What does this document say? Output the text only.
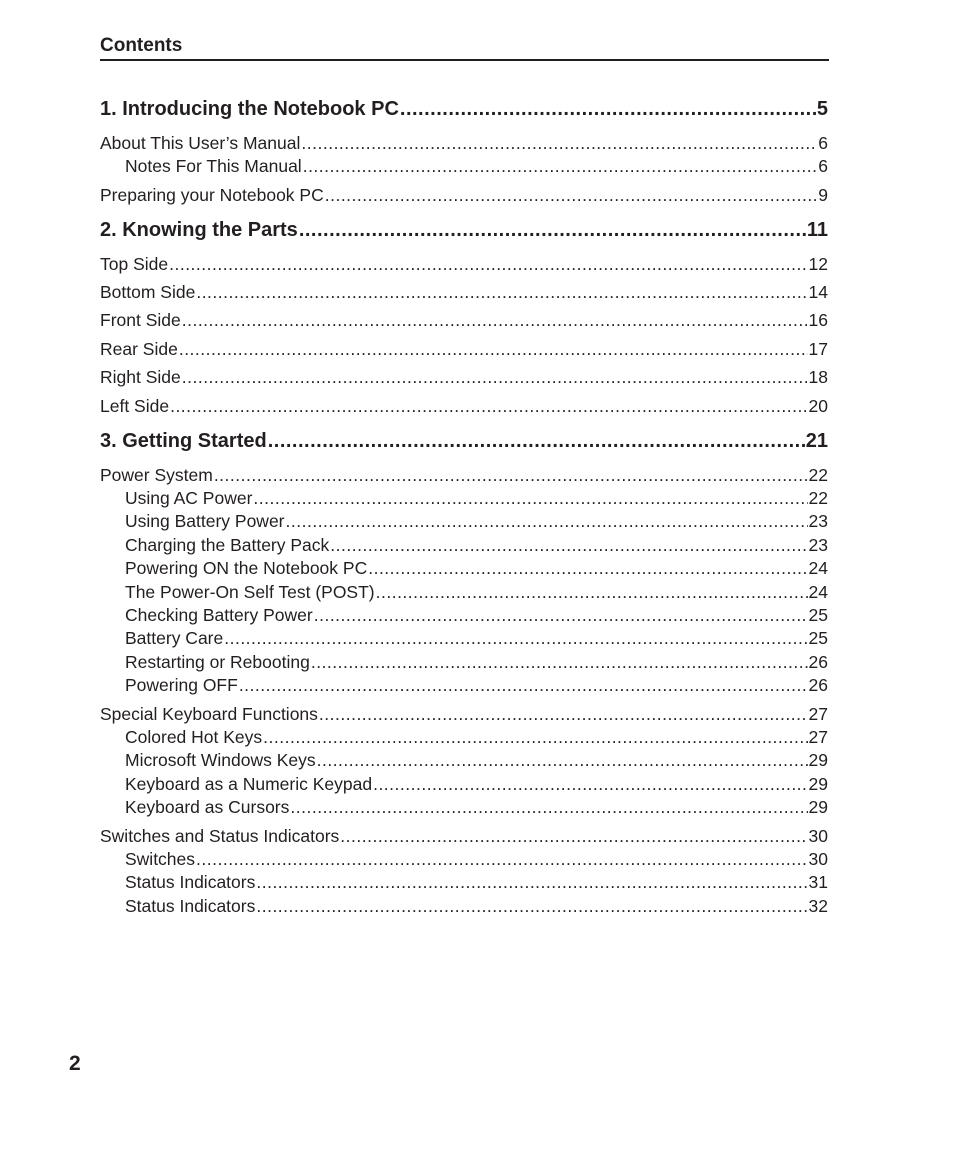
Contents
1. Introducing the Notebook PC .....	5
About This User’s Manual .....	6
Notes For This Manual .....	6
Preparing your Notebook PC .....	9
2. Knowing the Parts .....	11
Top Side .....	12
Bottom Side .....	14
Front Side .....	16
Rear Side .....	17
Right Side .....	18
Left Side .....	20
3. Getting Started .....	21
Power System .....	22
Using AC Power .....	22
Using Battery Power .....	23
Charging the Battery Pack .....	23
Powering ON the Notebook PC .....	24
The Power-On Self Test (POST) .....	24
Checking Battery Power .....	25
Battery Care .....	25
Restarting or Rebooting .....	26
Powering OFF .....	26
Special Keyboard Functions .....	27
Colored Hot Keys .....	27
Microsoft Windows Keys .....	29
Keyboard as a Numeric Keypad .....	29
Keyboard as Cursors .....	29
Switches and Status Indicators .....	30
Switches .....	30
Status Indicators .....	31
Status Indicators .....	32
2
